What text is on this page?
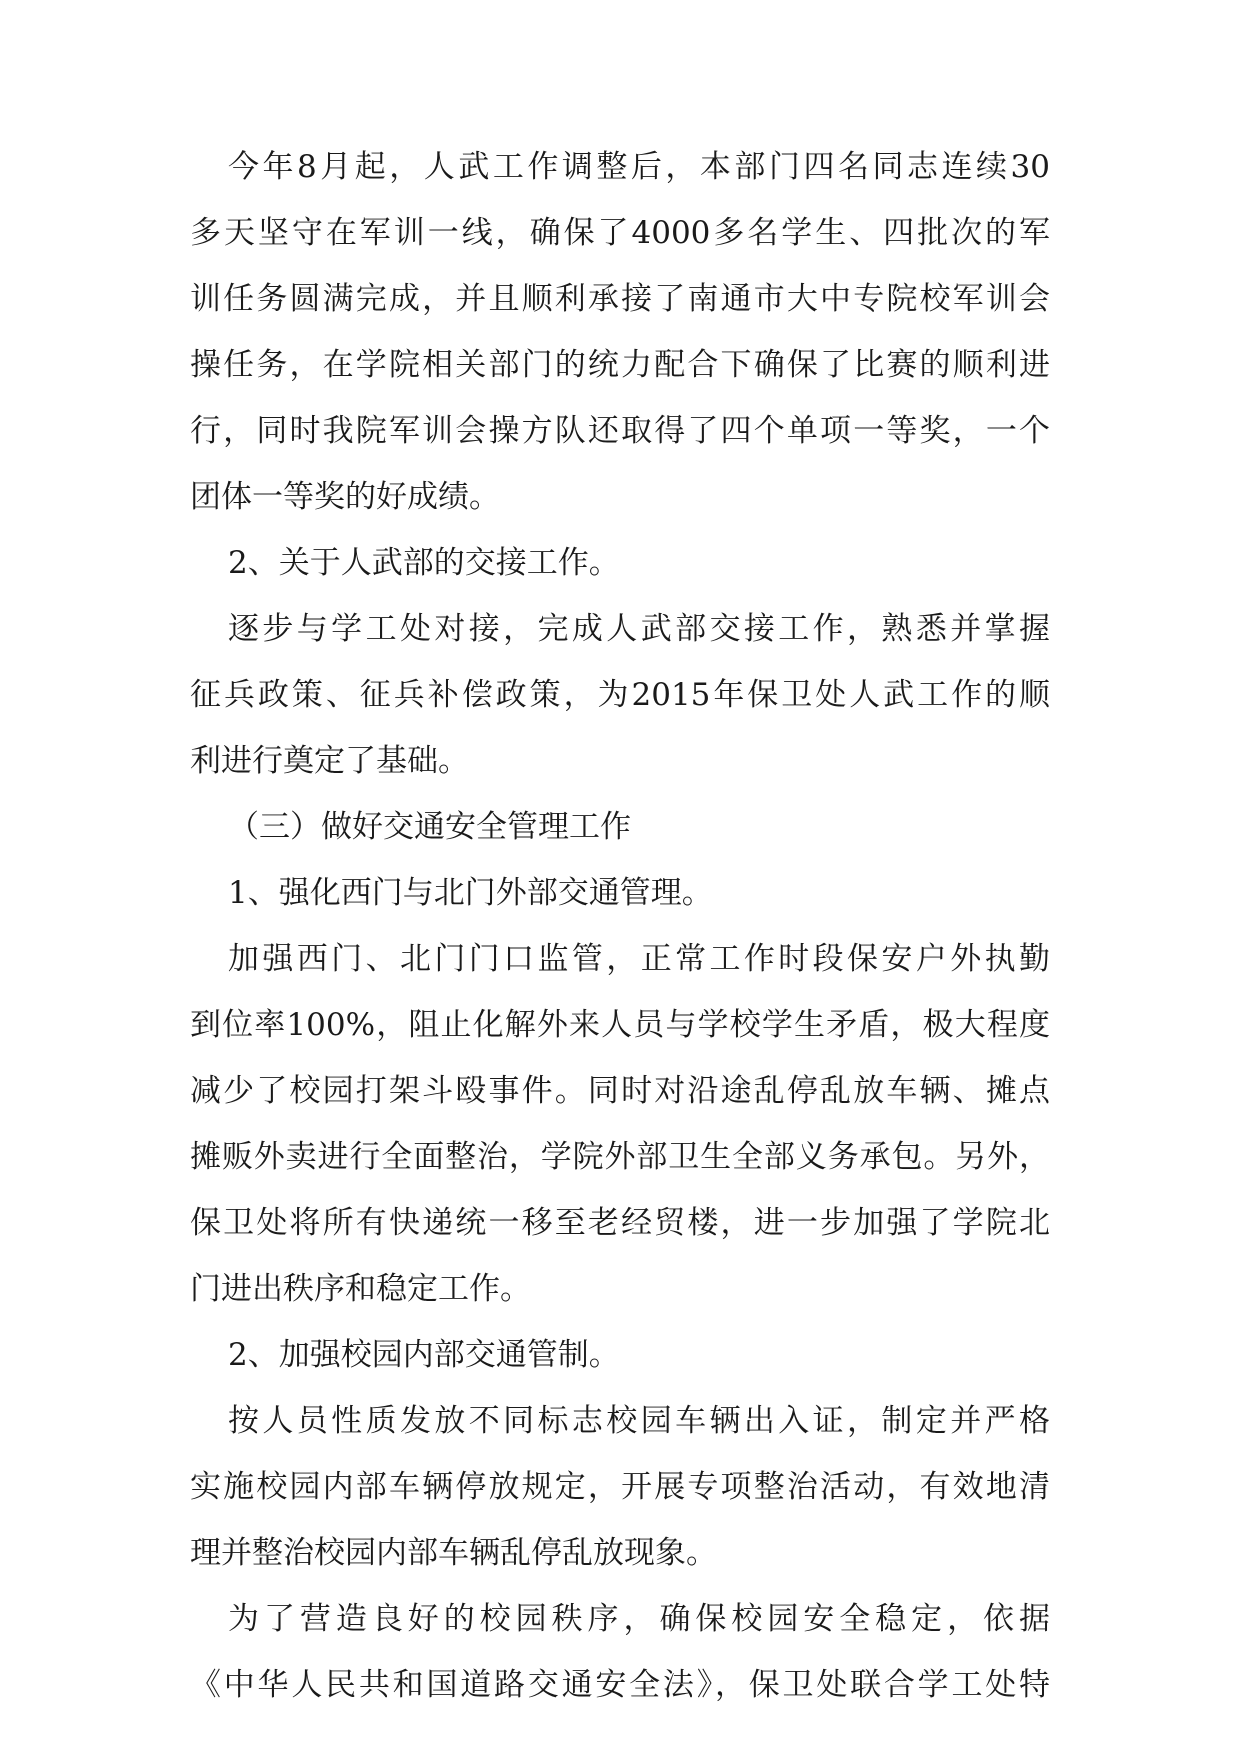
今年8月起，人武工作调整后，本部门四名同志连续30
多天坚守在军训一线，确保了4000多名学生、四批次的军
训任务圆满完成，并且顺利承接了南通市大中专院校军训会
操任务，在学院相关部门的统力配合下确保了比赛的顺利进
行，同时我院军训会操方队还取得了四个单项一等奖，一个
团体一等奖的好成绩。
2、关于人武部的交接工作。
逐步与学工处对接，完成人武部交接工作，熟悉并掌握
征兵政策、征兵补偿政策，为2015年保卫处人武工作的顺
利进行奠定了基础。
（三）做好交通安全管理工作
1、强化西门与北门外部交通管理。
加强西门、北门门口监管，正常工作时段保安户外执勤
到位率100%，阻止化解外来人员与学校学生矛盾，极大程度
减少了校园打架斗殴事件。同时对沿途乱停乱放车辆、摊点
摊贩外卖进行全面整治，学院外部卫生全部义务承包。另外，
保卫处将所有快递统一移至老经贸楼，进一步加强了学院北
门进出秩序和稳定工作。
2、加强校园内部交通管制。
按人员性质发放不同标志校园车辆出入证，制定并严格
实施校园内部车辆停放规定，开展专项整治活动，有效地清
理并整治校园内部车辆乱停乱放现象。
为了营造良好的校园秩序，确保校园安全稳定，依据
《中华人民共和国道路交通安全法》，保卫处联合学工处特
